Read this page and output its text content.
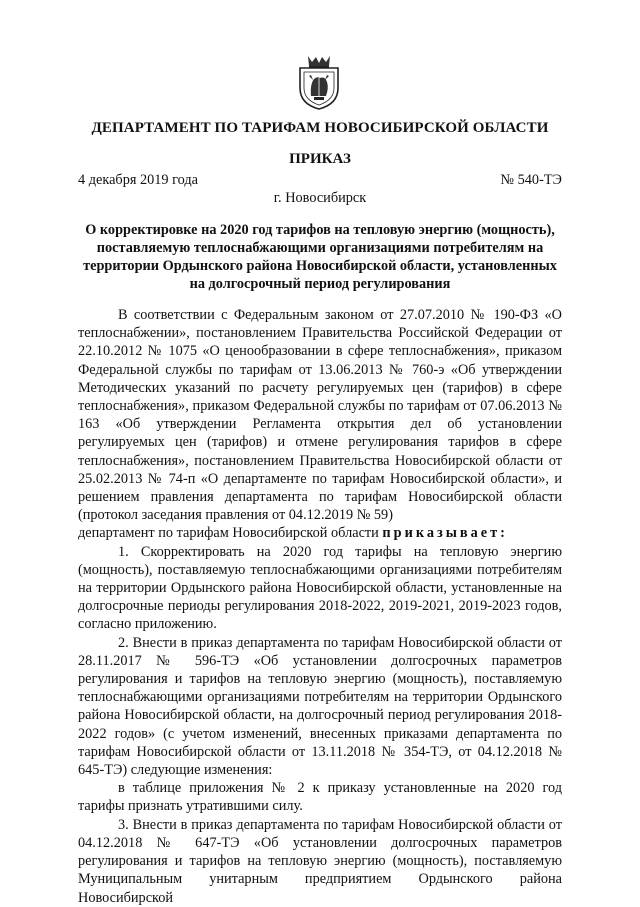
ДЕПАРТАМЕНТ ПО ТАРИФАМ НОВОСИБИРСКОЙ ОБЛАСТИ
ПРИКАЗ
4 декабря 2019 года	№ 540-ТЭ
г. Новосибирск
О корректировке на 2020 год тарифов на тепловую энергию (мощность), поставляемую теплоснабжающими организациями потребителям на территории Ордынского района Новосибирской области, установленных на долгосрочный период регулирования

В соответствии с Федеральным законом от 27.07.2010 № 190-ФЗ «О теплоснабжении», постановлением Правительства Российской Федерации от 22.10.2012 № 1075 «О ценообразовании в сфере теплоснабжения», приказом Федеральной службы по тарифам от 13.06.2013 № 760-э «Об утверждении Методических указаний по расчету регулируемых цен (тарифов) в сфере теплоснабжения», приказом Федеральной службы по тарифам от 07.06.2013 № 163 «Об утверждении Регламента открытия дел об установлении регулируемых цен (тарифов) и отмене регулирования тарифов в сфере теплоснабжения», постановлением Правительства Новосибирской области от 25.02.2013 № 74-п «О департаменте по тарифам Новосибирской области», и решением правления департамента по тарифам Новосибирской области (протокол заседания правления от 04.12.2019 № 59)

департамент по тарифам Новосибирской области приказывает:

1. Скорректировать на 2020 год тарифы на тепловую энергию (мощность), поставляемую теплоснабжающими организациями потребителям на территории Ордынского района Новосибирской области, установленные на долгосрочные периоды регулирования 2018-2022, 2019-2021, 2019-2023 годов, согласно приложению.

2. Внести в приказ департамента по тарифам Новосибирской области от 28.11.2017 № 596-ТЭ «Об установлении долгосрочных параметров регулирования и тарифов на тепловую энергию (мощность), поставляемую теплоснабжающими организациями потребителям на территории Ордынского района Новосибирской области, на долгосрочный период регулирования 2018-2022 годов» (с учетом изменений, внесенных приказами департамента по тарифам Новосибирской области от 13.11.2018 № 354-ТЭ, от 04.12.2018 № 645-ТЭ) следующие изменения:

в таблице приложения № 2 к приказу установленные на 2020 год тарифы признать утратившими силу.

3. Внести в приказ департамента по тарифам Новосибирской области от 04.12.2018 № 647-ТЭ «Об установлении долгосрочных параметров регулирования и тарифов на тепловую энергию (мощность), поставляемую Муниципальным унитарным предприятием Ордынского района Новосибирской
